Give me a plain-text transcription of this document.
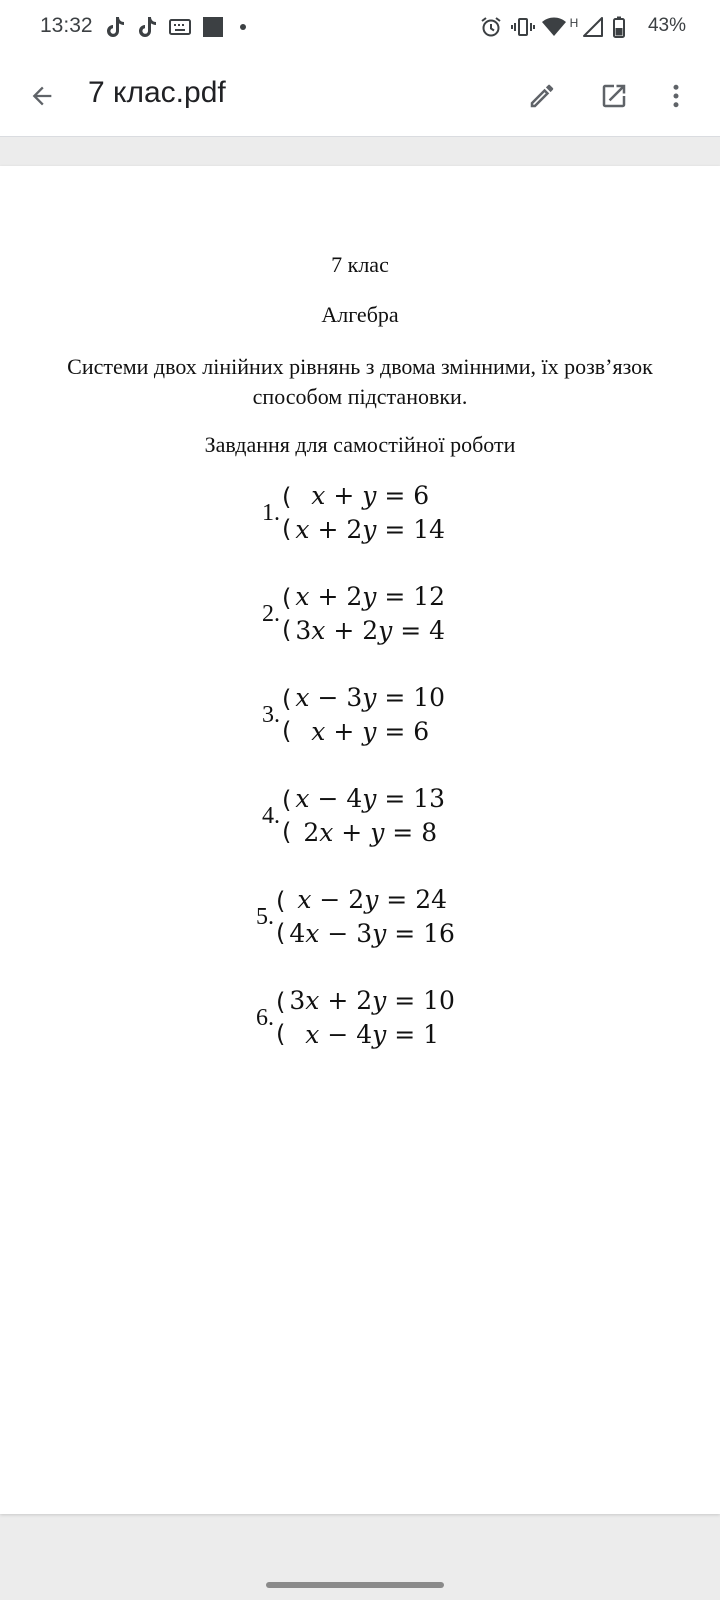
13:32	H	43%
7 клас.pdf
7 клас
Алгебра
Системи двох лінійних рівнянь з двома змінними, їх розв’язок
способом підстановки.
Завдання для самостійної роботи
1.
(
(
x + y = 6
x + 2y = 14
2.
(
(
x + 2y = 12
3x + 2y = 4
3.
(
(
x − 3y = 10
x + y = 6
4.
(
(
x − 4y = 13
2x + y = 8
5.
(
(
x − 2y = 24
4x − 3y = 16
6.
(
(
3x + 2y = 10
x − 4y = 1
